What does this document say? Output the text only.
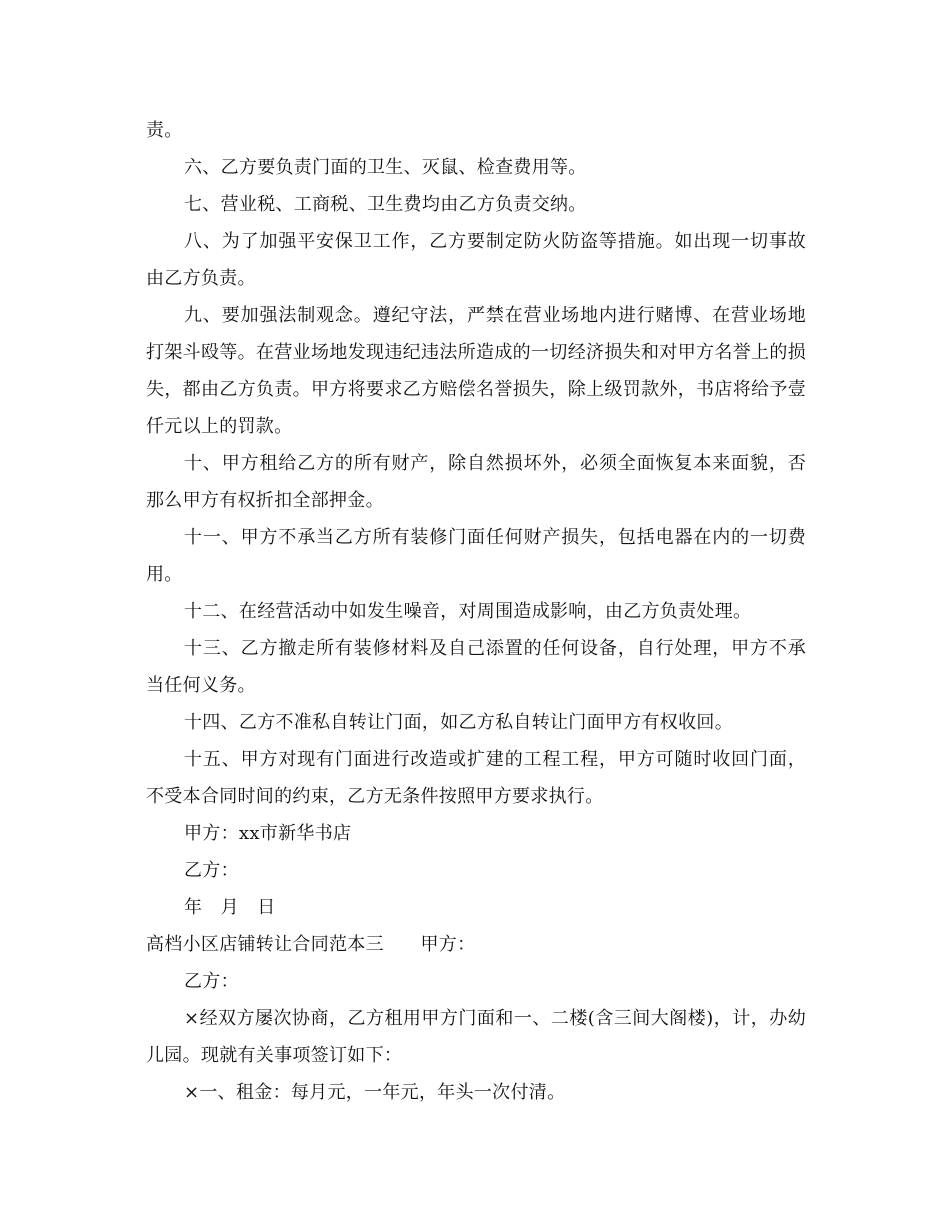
责。

六、乙方要负责门面的卫生、灭鼠、检查费用等。

七、营业税、工商税、卫生费均由乙方负责交纳。

八、为了加强平安保卫工作，乙方要制定防火防盗等措施。如出现一切事故由乙方负责。

九、要加强法制观念。遵纪守法，严禁在营业场地内进行赌博、在营业场地打架斗殴等。在营业场地发现违纪违法所造成的一切经济损失和对甲方名誉上的损失，都由乙方负责。甲方将要求乙方赔偿名誉损失，除上级罚款外，书店将给予壹仟元以上的罚款。

十、甲方租给乙方的所有财产，除自然损坏外，必须全面恢复本来面貌，否那么甲方有权折扣全部押金。

十一、甲方不承当乙方所有装修门面任何财产损失，包括电器在内的一切费用。

十二、在经营活动中如发生噪音，对周围造成影响，由乙方负责处理。

十三、乙方撤走所有装修材料及自己添置的任何设备，自行处理，甲方不承当任何义务。

十四、乙方不准私自转让门面，如乙方私自转让门面甲方有权收回。

十五、甲方对现有门面进行改造或扩建的工程工程，甲方可随时收回门面，不受本合同时间的约束，乙方无条件按照甲方要求执行。

甲方：xx市新华书店

乙方：

年　月　日

高档小区店铺转让合同范本三　　甲方：

乙方：

×经双方屡次协商，乙方租用甲方门面和一、二楼(含三间大阁楼)，计，办幼儿园。现就有关事项签订如下：

×一、租金：每月元，一年元，年头一次付清。
